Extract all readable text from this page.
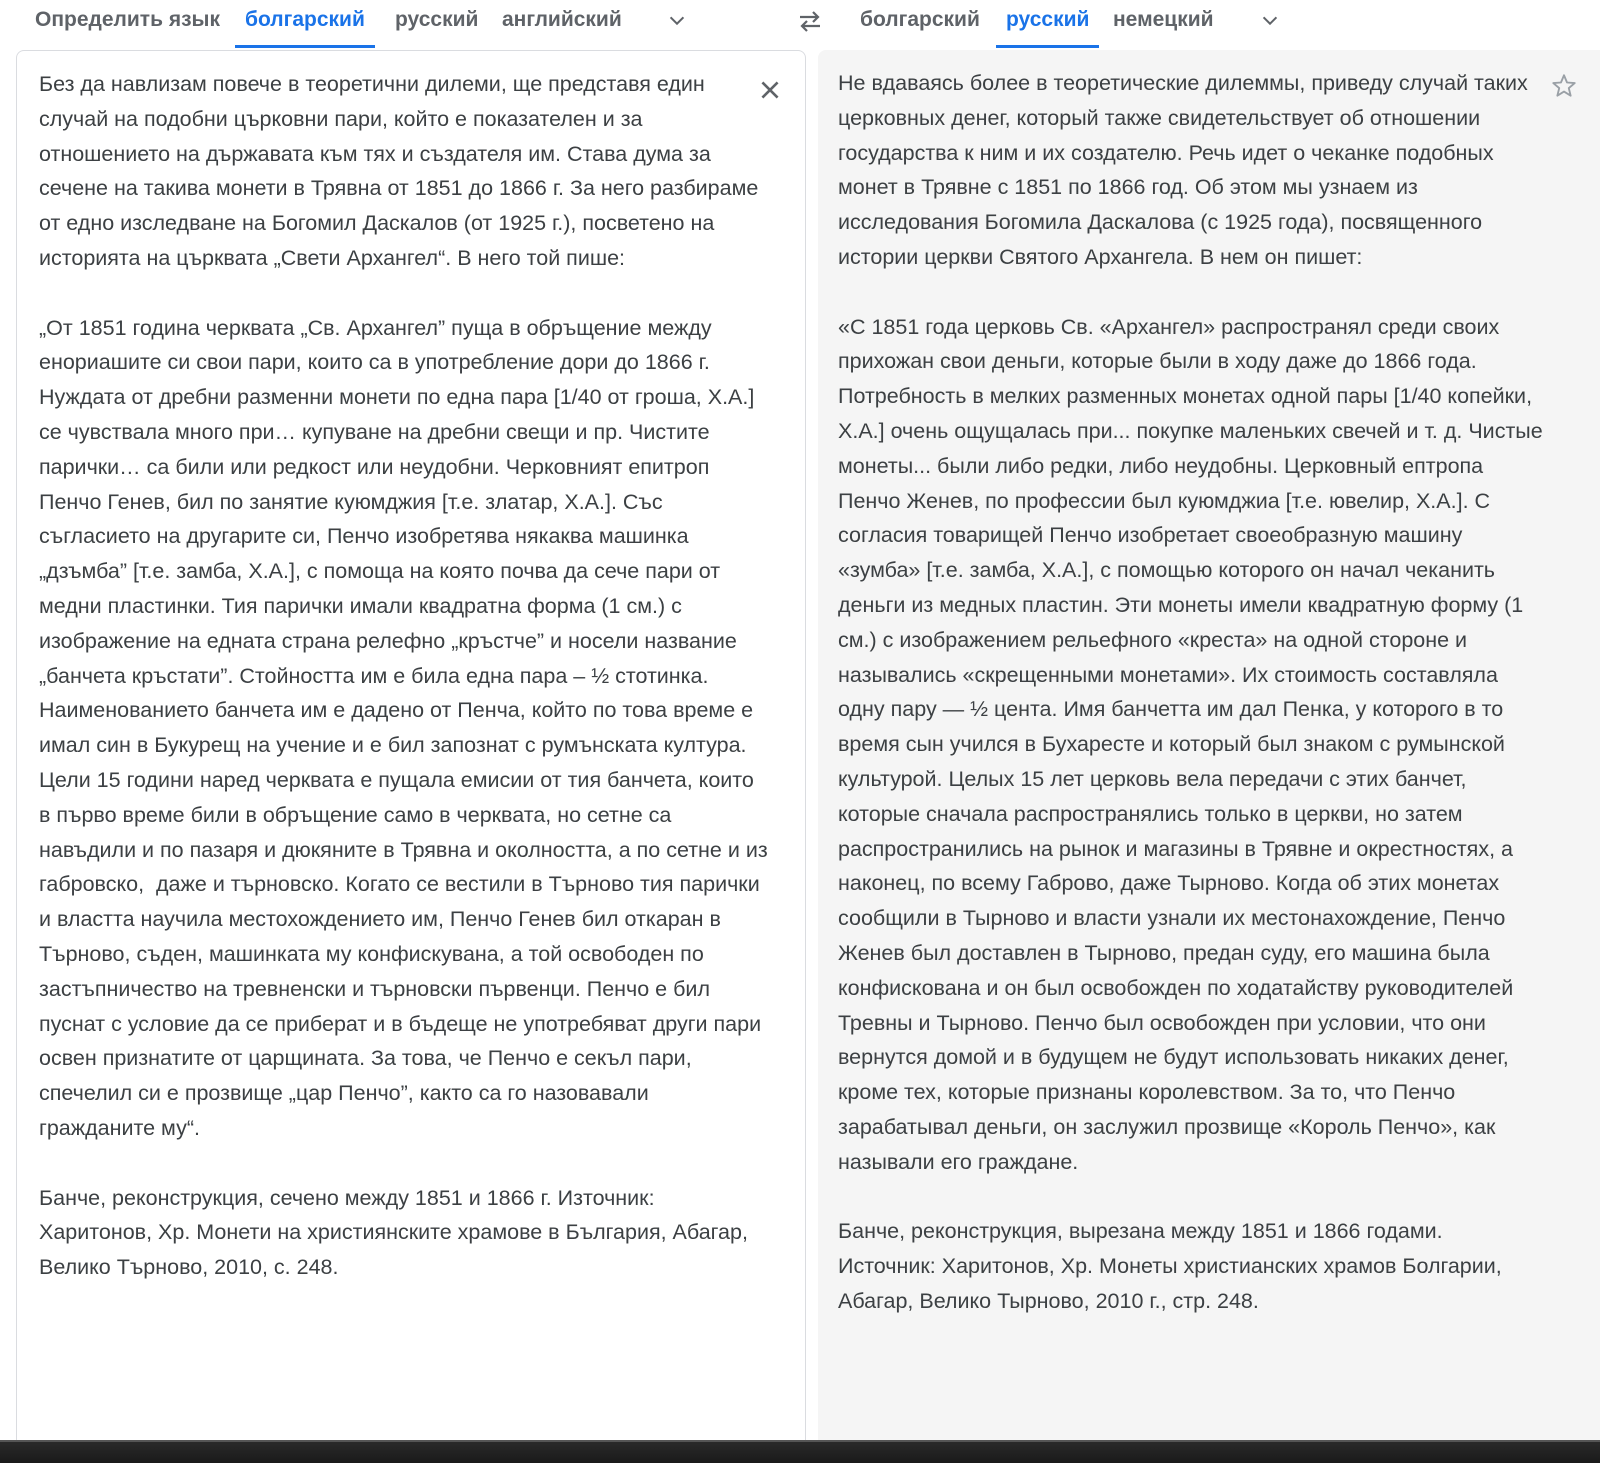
Определить язык болгарский русский английский	болгарский русский немецкий

Без да навлизам повече в теоретични дилеми, ще представя един случай на подобни църковни пари, който е показателен и за отношението на държавата към тях и създателя им. Става дума за сечене на такива монети в Трявна от 1851 до 1866 г. За него разбираме от едно изследване на Богомил Даскалов (от 1925 г.), посветено на историята на църквата „Свети Архангел“. В него той пише:

„От 1851 година черквата „Св. Архангел” пуща в обръщение между енориашите си свои пари, които са в употребление дори до 1866 г. Нуждата от дребни разменни монети по една пара [1/40 от гроша, Х.А.] се чувствала много при… купуване на дребни свещи и пр. Чистите парички… са били или редкост или неудобни. Черковният епитроп Пенчо Генев, бил по занятие куюмджия [т.е. златар, Х.А.]. Със съгласието на другарите си, Пенчо изобретява някаква машинка „дзъмба” [т.е. замба, Х.А.], с помоща на която почва да сече пари от медни пластинки. Тия парички имали квадратна форма (1 см.) с изображение на едната страна релефно „кръстче” и носели название „банчета кръстати”. Стойността им е била една пара – ½ стотинка. Наименованието банчета им е дадено от Пенча, който по това време е имал син в Букурещ на учение и е бил запознат с румънската култура. Цели 15 години наред черквата е пущала емисии от тия банчета, които в първо време били в обръщение само в черквата, но сетне са навъдили и по пазаря и дюкяните в Трявна и околността, а по сетне и из габровско,  даже и търновско. Когато се вестили в Търново тия парички и властта научила местохождението им, Пенчо Генев бил откаран в Търново, съден, машинката му конфискувана, а той освободен по застъпничество на тревненски и търновски първенци. Пенчо е бил пуснат с условие да се приберат и в бъдеще не употребяват други пари освен признатите от царщината. За това, че Пенчо е секъл пари, спечелил си е прозвище „цар Пенчо”, както са го назовавали гражданите му“.

Банче, реконструкция, сечено между 1851 и 1866 г. Източник: Харитонов, Хр. Монети на християнските храмове в България, Абагар, Велико Търново, 2010, с. 248.

Не вдаваясь более в теоретические дилеммы, приведу случай таких церковных денег, который также свидетельствует об отношении государства к ним и их создателю. Речь идет о чеканке подобных монет в Трявне с 1851 по 1866 год. Об этом мы узнаем из исследования Богомила Даскалова (с 1925 года), посвященного истории церкви Святого Архангела. В нем он пишет:

«С 1851 года церковь Св. «Архангел» распространял среди своих прихожан свои деньги, которые были в ходу даже до 1866 года. Потребность в мелких разменных монетах одной пары [1/40 копейки, Х.А.] очень ощущалась при... покупке маленьких свечей и т. д. Чистые монеты... были либо редки, либо неудобны. Церковный ептропа Пенчо Женев, по профессии был куюмджиа [т.е. ювелир, Х.А.]. С согласия товарищей Пенчо изобретает своеобразную машину «зумба» [т.е. замба, Х.А.], с помощью которого он начал чеканить деньги из медных пластин. Эти монеты имели квадратную форму (1 см.) с изображением рельефного «креста» на одной стороне и назывались «скрещенными монетами». Их стоимость составляла одну пару — ½ цента. Имя банчетта им дал Пенка, у которого в то время сын учился в Бухаресте и который был знаком с румынской культурой. Целых 15 лет церковь вела передачи с этих банчет, которые сначала распространялись только в церкви, но затем распространились на рынок и магазины в Трявне и окрестностях, а наконец, по всему Габрово, даже Тырново. Когда об этих монетах сообщили в Тырново и власти узнали их местонахождение, Пенчо Женев был доставлен в Тырново, предан суду, его машина была конфискована и он был освобожден по ходатайству руководителей Тревны и Тырново. Пенчо был освобожден при условии, что они вернутся домой и в будущем не будут использовать никаких денег, кроме тех, которые признаны королевством. За то, что Пенчо зарабатывал деньги, он заслужил прозвище «Король Пенчо», как называли его граждане.

Банче, реконструкция, вырезана между 1851 и 1866 годами. Источник: Харитонов, Хр. Монеты христианских храмов Болгарии, Абагар, Велико Тырново, 2010 г., стр. 248.
